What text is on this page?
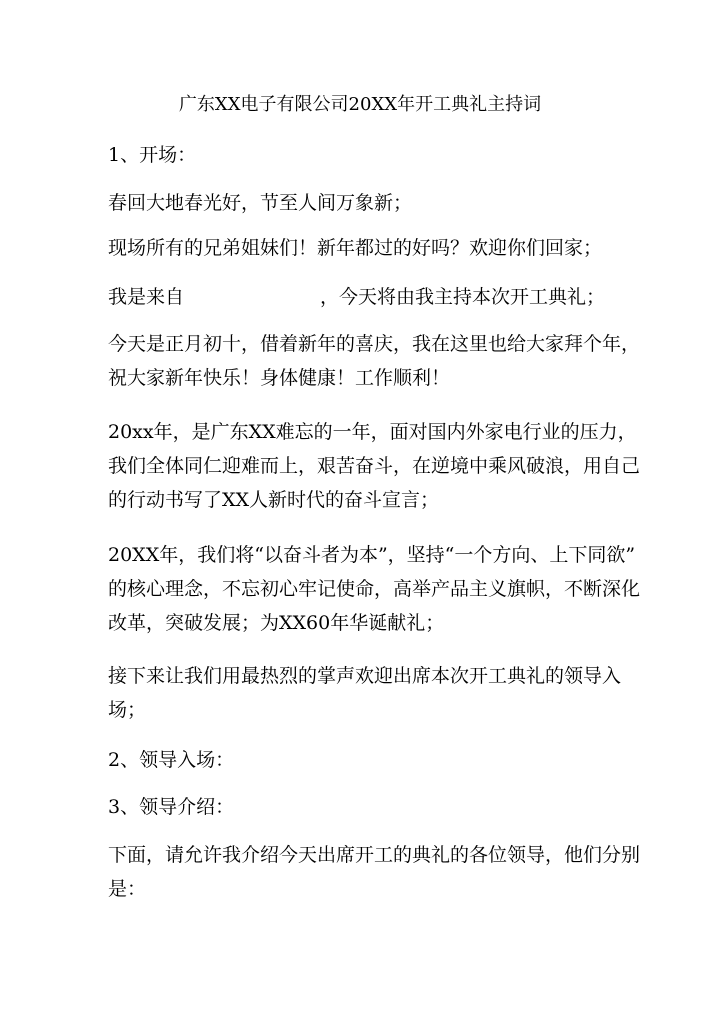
广东XX电子有限公司20XX年开工典礼主持词
1、开场：
春回大地春光好，节至人间万象新；
现场所有的兄弟姐妹们！新年都过的好吗？欢迎你们回家；
我是来自	，今天将由我主持本次开工典礼；
今天是正月初十，借着新年的喜庆，我在这里也给大家拜个年，
祝大家新年快乐！身体健康！工作顺利！
20xx年，是广东XX难忘的一年，面对国内外家电行业的压力，
我们全体同仁迎难而上，艰苦奋斗，在逆境中乘风破浪，用自己
的行动书写了XX人新时代的奋斗宣言；
20XX年，我们将“以奋斗者为本”，坚持“一个方向、上下同欲”
的核心理念，不忘初心牢记使命，高举产品主义旗帜，不断深化
改革，突破发展；为XX60年华诞献礼；
接下来让我们用最热烈的掌声欢迎出席本次开工典礼的领导入
场；
2、领导入场：
3、领导介绍：
下面，请允许我介绍今天出席开工的典礼的各位领导，他们分别
是：
